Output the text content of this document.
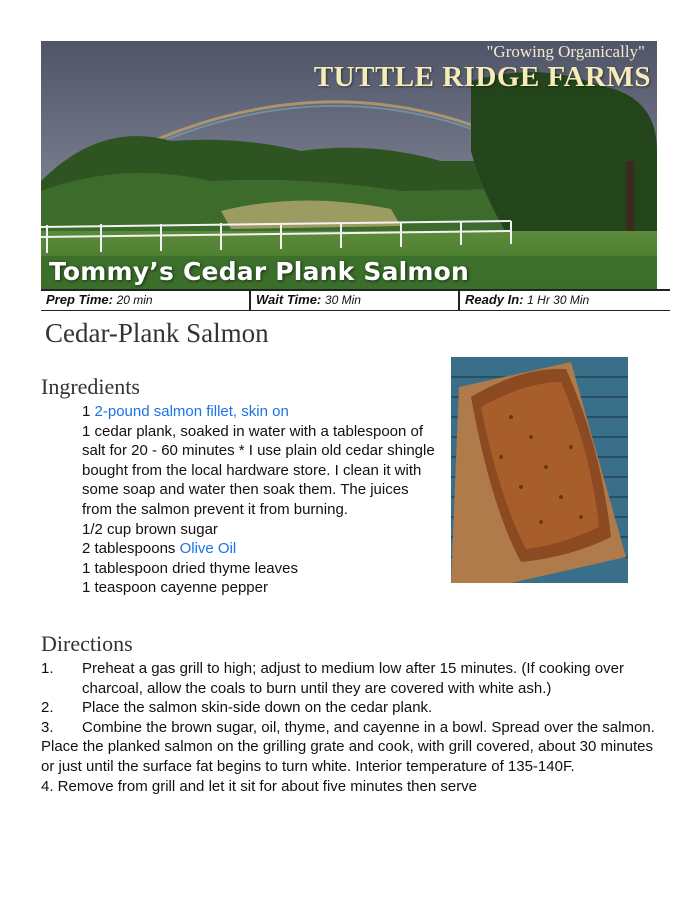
"Growing Organically"
TUTTLE RIDGE FARMS
Tommy’s Cedar Plank Salmon
Prep Time: 20 min	Wait Time: 30 Min	Ready In: 1 Hr 30 Min
Cedar-Plank Salmon
Ingredients
1 2-pound salmon fillet, skin on
1 cedar plank, soaked in water with a tablespoon of salt for 20 - 60 minutes * I use plain old cedar shingle bought from the local hardware store. I clean it with some soap and water then soak them. The juices from the salmon prevent it from burning.
1/2 cup brown sugar
2 tablespoons Olive Oil
1 tablespoon dried thyme leaves
1 teaspoon cayenne pepper
Directions
1. Preheat a gas grill to high; adjust to medium low after 15 minutes. (If cooking over charcoal, allow the coals to burn until they are covered with white ash.)
2. Place the salmon skin-side down on the cedar plank.
3. Combine the brown sugar, oil, thyme, and cayenne in a bowl. Spread over the salmon.
Place the planked salmon on the grilling grate and cook, with grill covered, about 30 minutes or just until the surface fat begins to turn white. Interior temperature of 135-140F.
4. Remove from grill and let it sit for about five minutes then serve
